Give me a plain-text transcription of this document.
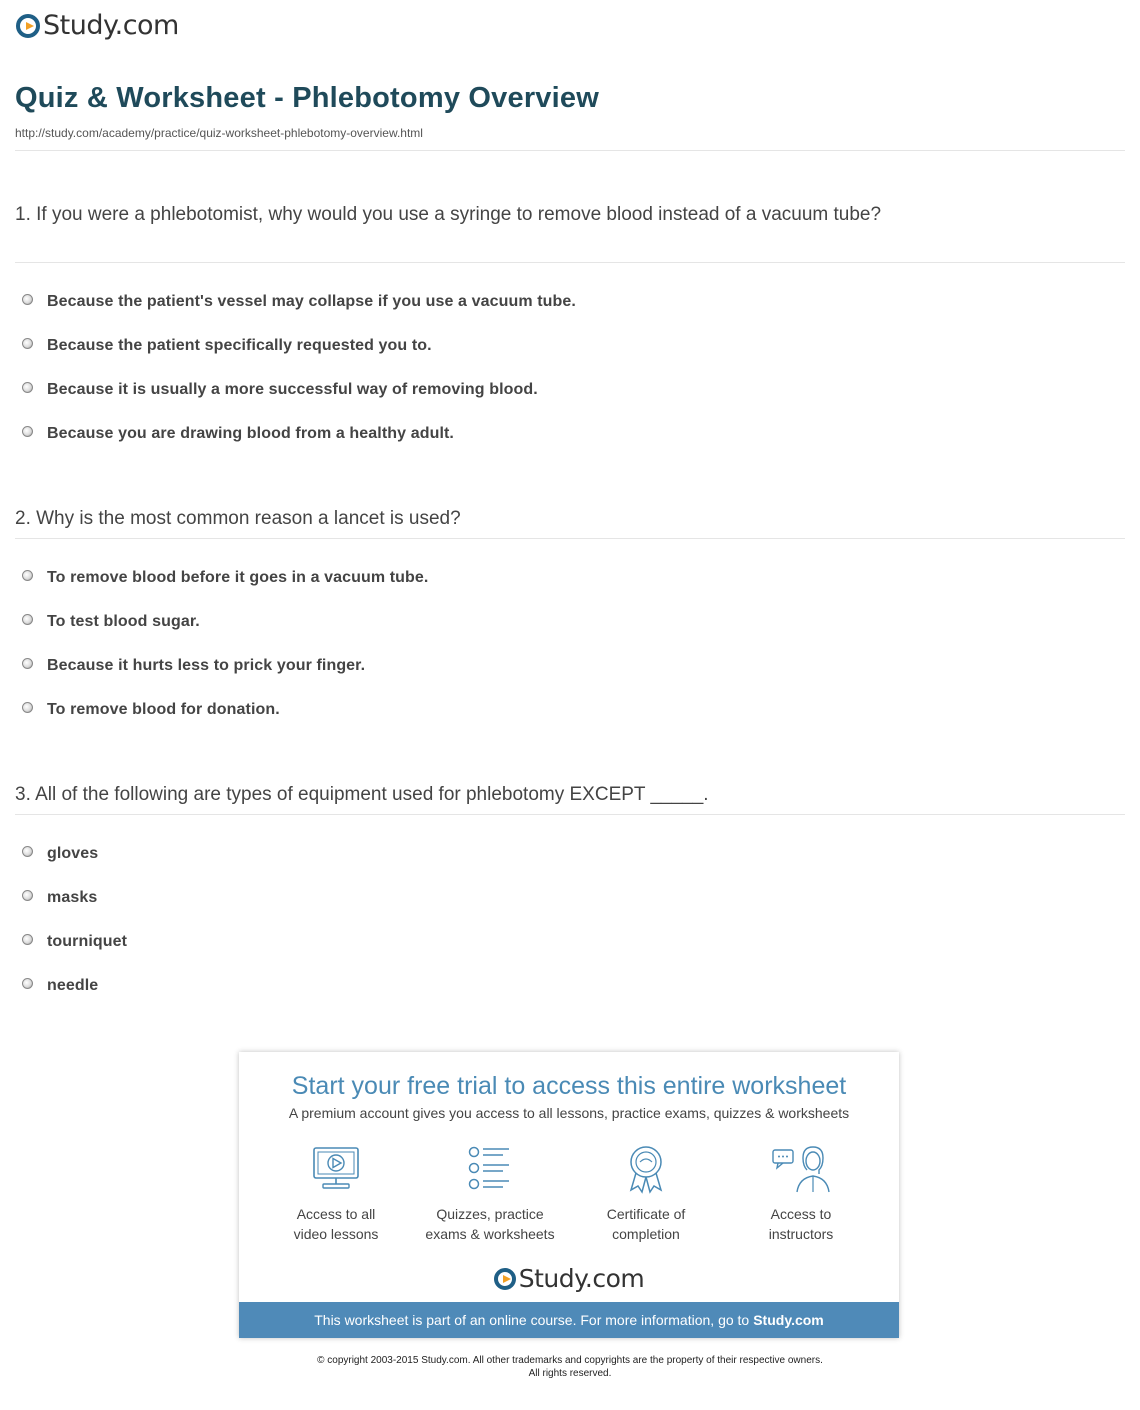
Study.com
Quiz & Worksheet - Phlebotomy Overview
http://study.com/academy/practice/quiz-worksheet-phlebotomy-overview.html
1. If you were a phlebotomist, why would you use a syringe to remove blood instead of a vacuum tube?
Because the patient's vessel may collapse if you use a vacuum tube.
Because the patient specifically requested you to.
Because it is usually a more successful way of removing blood.
Because you are drawing blood from a healthy adult.
2. Why is the most common reason a lancet is used?
To remove blood before it goes in a vacuum tube.
To test blood sugar.
Because it hurts less to prick your finger.
To remove blood for donation.
3. All of the following are types of equipment used for phlebotomy EXCEPT _____.
gloves
masks
tourniquet
needle
Start your free trial to access this entire worksheet
A premium account gives you access to all lessons, practice exams, quizzes & worksheets
Access to all
video lessons
Quizzes, practice
exams & worksheets
Certificate of
completion
Access to
instructors
Study.com
This worksheet is part of an online course. For more information, go to Study.com
© copyright 2003-2015 Study.com. All other trademarks and copyrights are the property of their respective owners.
All rights reserved.
